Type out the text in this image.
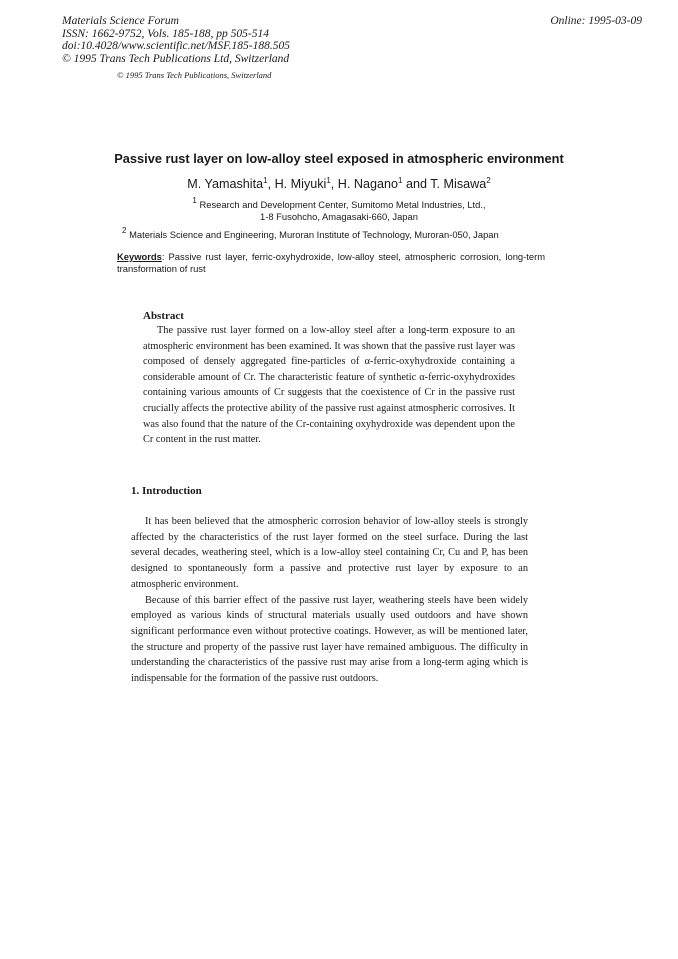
Materials Science Forum
ISSN: 1662-9752, Vols. 185-188, pp 505-514
doi:10.4028/www.scientific.net/MSF.185-188.505
© 1995 Trans Tech Publications Ltd, Switzerland
Online: 1995-03-09
© 1995 Trans Tech Publications, Switzerland
Passive rust layer on low-alloy steel exposed in atmospheric environment
M. Yamashita$^1$, H. Miyuki$^1$, H. Nagano$^1$ and T. Misawa$^2$
$^1$ Research and Development Center, Sumitomo Metal Industries, Ltd.,
1-8 Fusohcho, Amagasaki-660, Japan
$^2$ Materials Science and Engineering, Muroran Institute of Technology, Muroran-050, Japan
Keywords: Passive rust layer, ferric-oxyhydroxide, low-alloy steel, atmospheric corrosion, long-term transformation of rust
Abstract

The passive rust layer formed on a low-alloy steel after a long-term exposure to an atmospheric environment has been examined. It was shown that the passive rust layer was composed of densely aggregated fine-particles of α-ferric-oxyhydroxide containing a considerable amount of Cr. The characteristic feature of synthetic α-ferric-oxyhydroxides containing various amounts of Cr suggests that the coexistence of Cr in the passive rust crucially affects the protective ability of the passive rust against atmospheric corrosives. It was also found that the nature of the Cr-containing oxyhydroxide was dependent upon the Cr content in the rust matter.

1. Introduction

It has been believed that the atmospheric corrosion behavior of low-alloy steels is strongly affected by the characteristics of the rust layer formed on the steel surface. During the last several decades, weathering steel, which is a low-alloy steel containing Cr, Cu and P, has been designed to spontaneously form a passive and protective rust layer by exposure to an atmospheric environment.

Because of this barrier effect of the passive rust layer, weathering steels have been widely employed as various kinds of structural materials usually used outdoors and have shown significant performance even without protective coatings. However, as will be mentioned later, the structure and property of the passive rust layer have remained ambiguous. The difficulty in understanding the characteristics of the passive rust may arise from a long-term aging which is indispensable for the formation of the passive rust outdoors.
